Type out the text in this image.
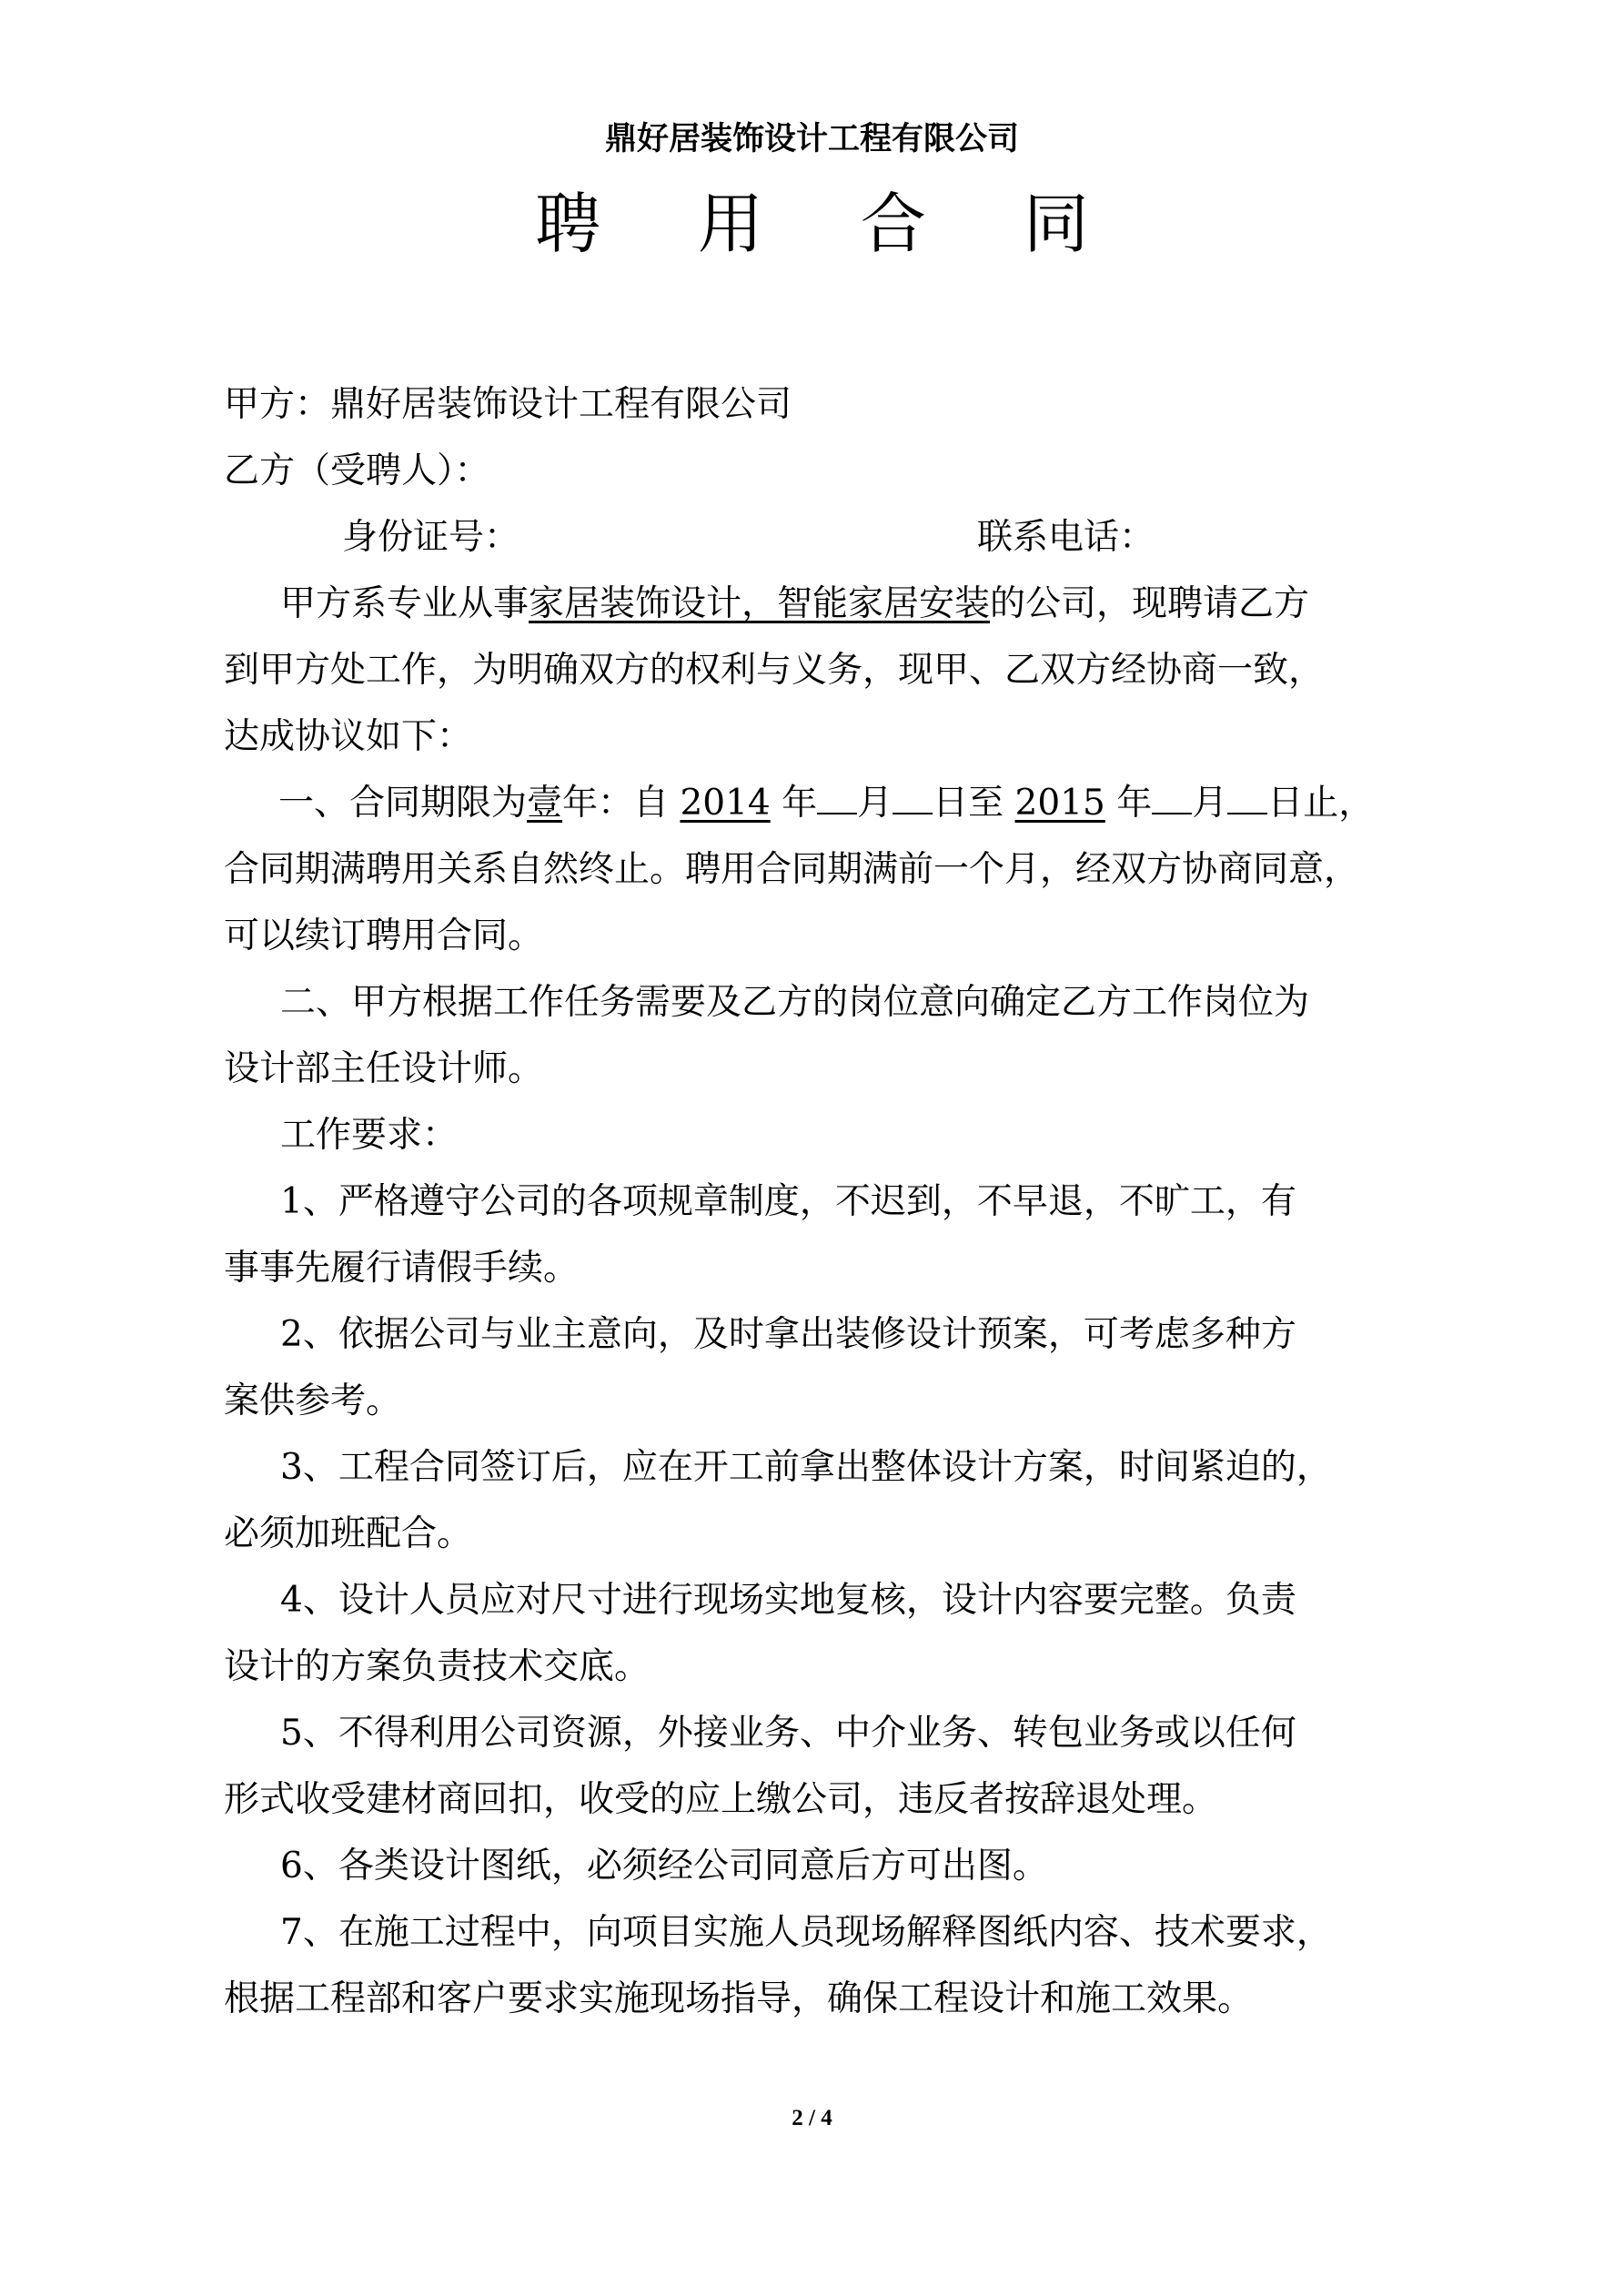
鼎好居装饰设计工程有限公司
聘 用 合 同
甲方：鼎好居装饰设计工程有限公司
乙方（受聘人）：
身份证号：	联系电话：
甲方系专业从事家居装饰设计，智能家居安装的公司，现聘请乙方
到甲方处工作，为明确双方的权利与义务，现甲、乙双方经协商一致，
达成协议如下：
一、合同期限为壹年：自 2014 年 月 日至 2015 年 月 日止，
合同期满聘用关系自然终止。聘用合同期满前一个月，经双方协商同意，
可以续订聘用合同。
二、甲方根据工作任务需要及乙方的岗位意向确定乙方工作岗位为
设计部主任设计师。
工作要求：
1、严格遵守公司的各项规章制度，不迟到，不早退，不旷工，有
事事先履行请假手续。
2、依据公司与业主意向，及时拿出装修设计预案，可考虑多种方
案供参考。
3、工程合同签订后，应在开工前拿出整体设计方案，时间紧迫的，
必须加班配合。
4、设计人员应对尺寸进行现场实地复核，设计内容要完整。负责
设计的方案负责技术交底。
5、不得利用公司资源，外接业务、中介业务、转包业务或以任何
形式收受建材商回扣，收受的应上缴公司，违反者按辞退处理。
6、各类设计图纸，必须经公司同意后方可出图。
7、在施工过程中，向项目实施人员现场解释图纸内容、技术要求，
根据工程部和客户要求实施现场指导，确保工程设计和施工效果。
2 / 4
